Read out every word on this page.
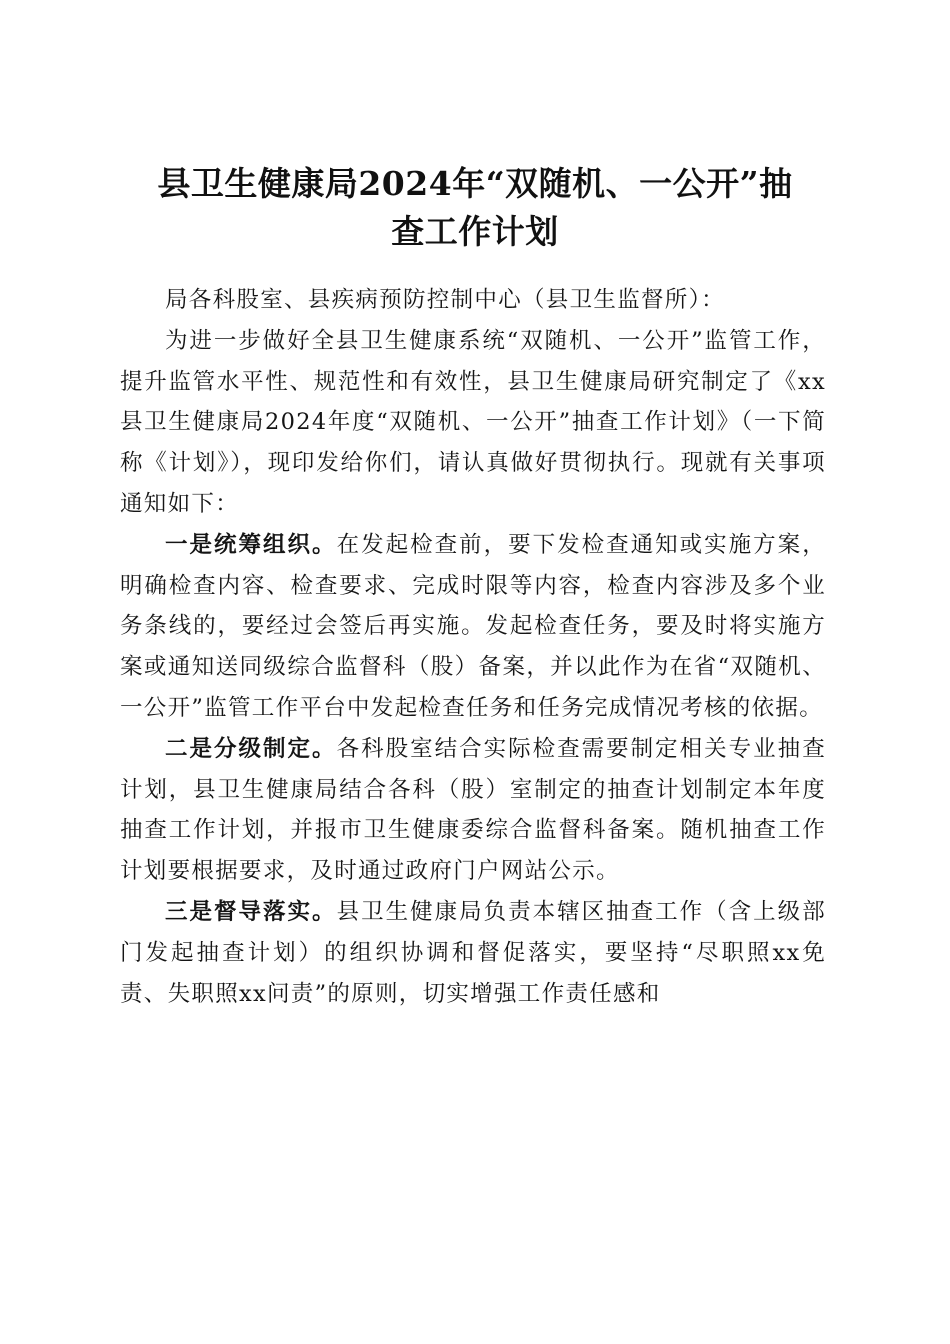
县卫生健康局2024年“双随机、一公开”抽
查工作计划

局各科股室、县疾病预防控制中心（县卫生监督所）：

为进一步做好全县卫生健康系统“双随机、一公开”监管工作，提升监管水平性、规范性和有效性，县卫生健康局研究制定了《xx县卫生健康局2024年度“双随机、一公开”抽查工作计划》（一下简称《计划》），现印发给你们，请认真做好贯彻执行。现就有关事项通知如下：

一是统筹组织。在发起检查前，要下发检查通知或实施方案，明确检查内容、检查要求、完成时限等内容，检查内容涉及多个业务条线的，要经过会签后再实施。发起检查任务，要及时将实施方案或通知送同级综合监督科（股）备案，并以此作为在省“双随机、一公开”监管工作平台中发起检查任务和任务完成情况考核的依据。

二是分级制定。各科股室结合实际检查需要制定相关专业抽查计划，县卫生健康局结合各科（股）室制定的抽查计划制定本年度抽查工作计划，并报市卫生健康委综合监督科备案。随机抽查工作计划要根据要求，及时通过政府门户网站公示。

三是督导落实。县卫生健康局负责本辖区抽查工作（含上级部门发起抽查计划）的组织协调和督促落实，要坚持“尽职照xx免责、失职照xx问责”的原则，切实增强工作责任感和
